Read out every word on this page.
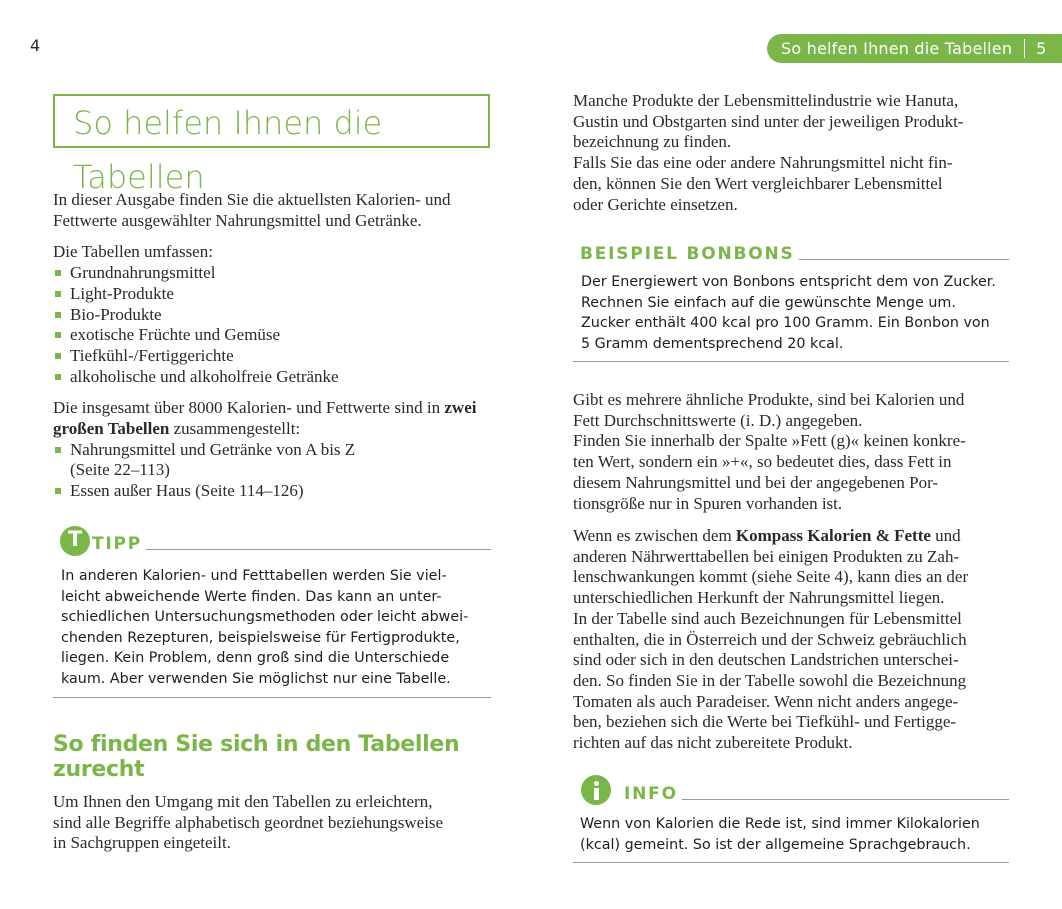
4	So helfen Ihnen die Tabellen 5
So helfen Ihnen die Tabellen

In dieser Ausgabe finden Sie die aktuellsten Kalorien- und Fettwerte ausgewählter Nahrungsmittel und Getränke.

Die Tabellen umfassen:

Grundnahrungsmittel
Light-Produkte
Bio-Produkte
exotische Früchte und Gemüse
Tiefkühl-/Fertiggerichte
alkoholische und alkoholfreie Getränke

Die insgesamt über 8000 Kalorien- und Fettwerte sind in zwei großen Tabellen zusammengestellt:

Nahrungsmittel und Getränke von A bis Z
(Seite 22–113)
Essen außer Haus (Seite 114–126)
T TIPP
In anderen Kalorien- und Fetttabellen werden Sie viel-
leicht abweichende Werte finden. Das kann an unter-
schiedlichen Untersuchungsmethoden oder leicht abwei-
chenden Rezepturen, beispielsweise für Fertigprodukte,
liegen. Kein Problem, denn groß sind die Unterschiede
kaum. Aber verwenden Sie möglichst nur eine Tabelle.
So finden Sie sich in den Tabellen
zurecht
Um Ihnen den Umgang mit den Tabellen zu erleichtern,
sind alle Begriffe alphabetisch geordnet beziehungsweise
in Sachgruppen eingeteilt.
Manche Produkte der Lebensmittelindustrie wie Hanuta,
Gustin und Obstgarten sind unter der jeweiligen Produkt-
bezeichnung zu finden.
Falls Sie das eine oder andere Nahrungsmittel nicht fin-
den, können Sie den Wert vergleichbarer Lebensmittel
oder Gerichte einsetzen.
BEISPIEL BONBONS
Der Energiewert von Bonbons entspricht dem von Zucker.
Rechnen Sie einfach auf die gewünschte Menge um.
Zucker enthält 400 kcal pro 100 Gramm. Ein Bonbon von
5 Gramm dementsprechend 20 kcal.
Gibt es mehrere ähnliche Produkte, sind bei Kalorien und
Fett Durchschnittswerte (i. D.) angegeben.
Finden Sie innerhalb der Spalte »Fett (g)« keinen konkre-
ten Wert, sondern ein »+«, so bedeutet dies, dass Fett in
diesem Nahrungsmittel und bei der angegebenen Por-
tionsgröße nur in Spuren vorhanden ist.
Wenn es zwischen dem Kompass Kalorien & Fette und
anderen Nährwerttabellen bei einigen Produkten zu Zah-
lenschwankungen kommt (siehe Seite 4), kann dies an der
unterschiedlichen Herkunft der Nahrungsmittel liegen.
In der Tabelle sind auch Bezeichnungen für Lebensmittel
enthalten, die in Österreich und der Schweiz gebräuchlich
sind oder sich in den deutschen Landstrichen unterschei-
den. So finden Sie in der Tabelle sowohl die Bezeichnung
Tomaten als auch Paradeiser. Wenn nicht anders angege-
ben, beziehen sich die Werte bei Tiefkühl- und Fertigge-
richten auf das nicht zubereitete Produkt.
INFO
Wenn von Kalorien die Rede ist, sind immer Kilokalorien
(kcal) gemeint. So ist der allgemeine Sprachgebrauch.
